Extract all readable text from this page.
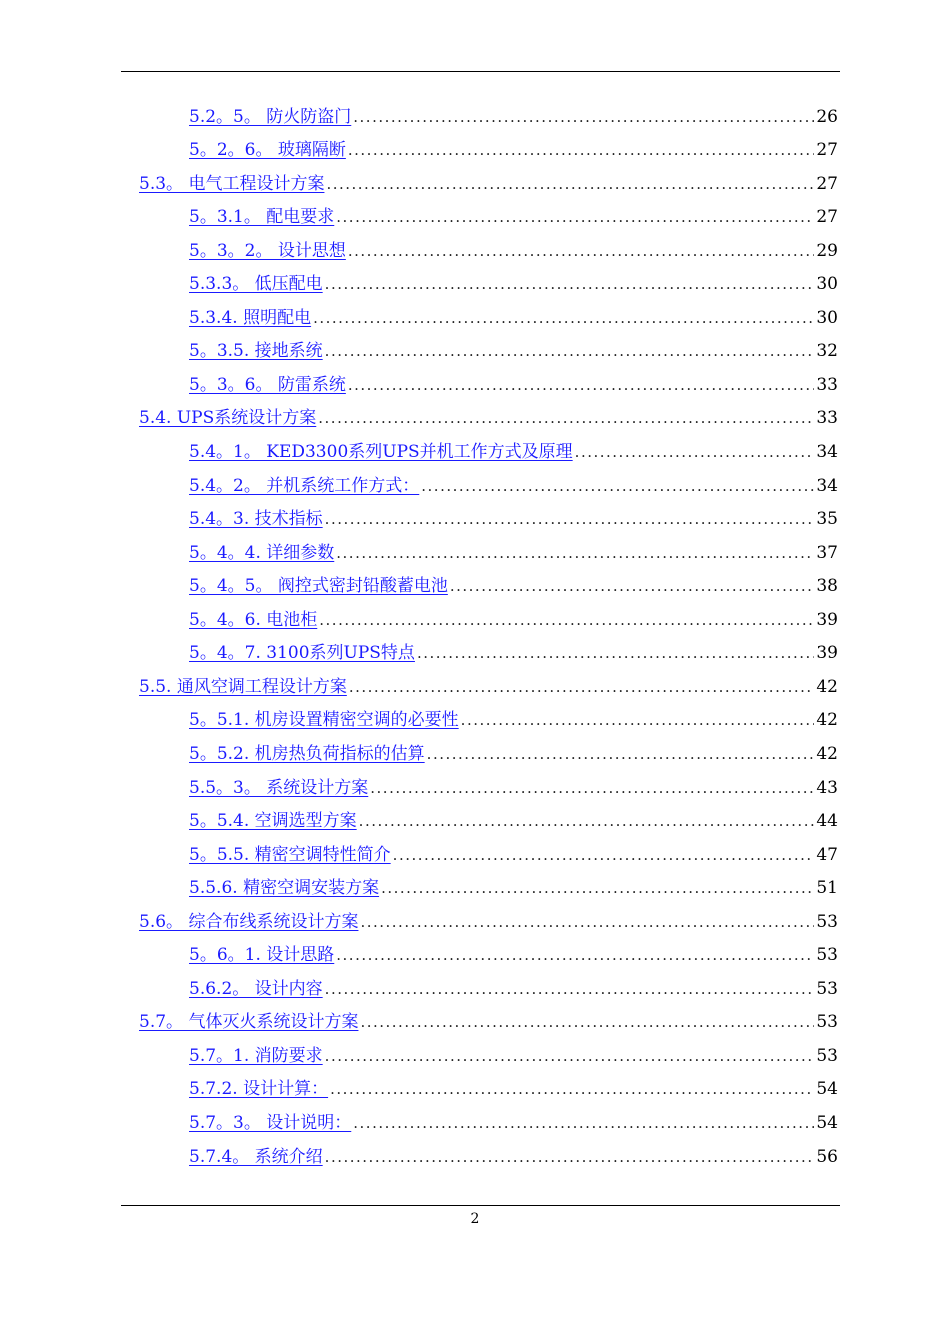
5.2。5。 防火防盗门 .....	26
5。2。6。 玻璃隔断 .....	27
5.3。 电气工程设计方案 .....	27
5。3.1。 配电要求 .....	27
5。3。2。 设计思想 .....	29
5.3.3。 低压配电 .....	30
5.3.4. 照明配电 .....	30
5。3.5. 接地系统 .....	32
5。3。6。 防雷系统 .....	33
5.4. UPS系统设计方案 .....	33
5.4。1。 KED3300系列UPS并机工作方式及原理 .....	34
5.4。2。 并机系统工作方式： .....	34
5.4。3. 技术指标 .....	35
5。4。4. 详细参数 .....	37
5。4。5。 阀控式密封铅酸蓄电池 .....	38
5。4。6. 电池柜 .....	39
5。4。7. 3100系列UPS特点 .....	39
5.5. 通风空调工程设计方案 .....	42
5。5.1. 机房设置精密空调的必要性 .....	42
5。5.2. 机房热负荷指标的估算 .....	42
5.5。3。 系统设计方案 .....	43
5。5.4. 空调选型方案 .....	44
5。5.5. 精密空调特性简介 .....	47
5.5.6. 精密空调安装方案 .....	51
5.6。 综合布线系统设计方案 .....	53
5。6。1. 设计思路 .....	53
5.6.2。 设计内容 .....	53
5.7。 气体灭火系统设计方案 .....	53
5.7。1. 消防要求 .....	53
5.7.2. 设计计算： .....	54
5.7。3。 设计说明： .....	54
5.7.4。 系统介绍 .....	56
2
